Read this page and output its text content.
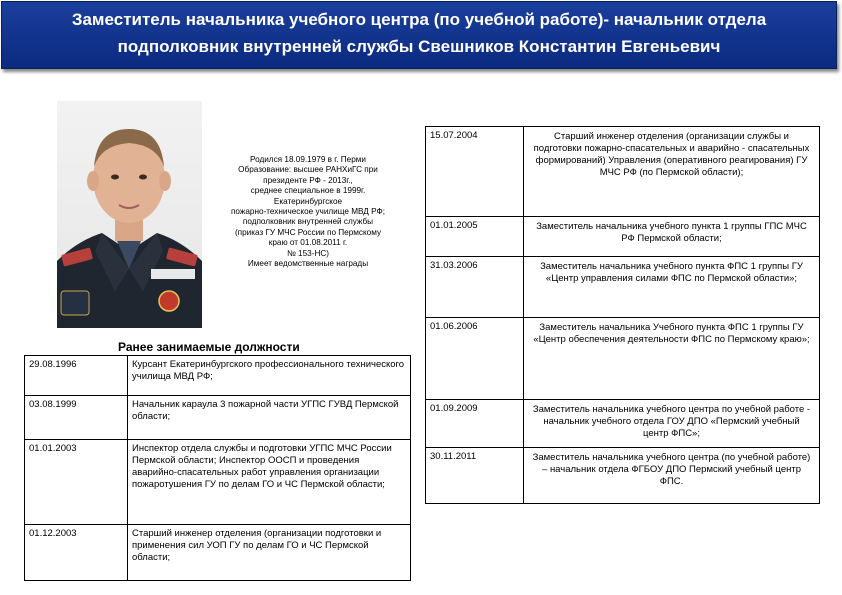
Заместитель начальника учебного центра (по учебной работе)- начальник отдела
подполковник внутренней службы Свешников Константин Евгеньевич
Родился 18.09.1979 в г. Перми
Образование: высшее РАНХиГС при
президенте РФ - 2013г.,
среднее специальное в 1999г.
Екатеринбургское
пожарно-техническое училище МВД РФ;
подполковник внутренней службы
(приказ ГУ МЧС России по Пермскому
краю от 01.08.2011 г.
№ 153-НС)
Имеет ведомственные награды
Ранее занимаемые должности
29.08.1996	Курсант Екатеринбургского профессионального технического училища МВД РФ;
03.08.1999	Начальник караула 3 пожарной части УГПС ГУВД Пермской области;
01.01.2003	Инспектор отдела службы и подготовки УГПС МЧС России Пермской области; Инспектор ООСП и проведения аварийно-спасательных работ управления организации пожаротушения ГУ по делам ГО и ЧС Пермской области;
01.12.2003	Старший инженер отделения (организации подготовки и применения сил УОП ГУ по делам ГО и ЧС Пермской области;
15.07.2004	Старший инженер отделения (организации службы и подготовки пожарно-спасательных и аварийно - спасательных формирований) Управления (оперативного реагирования) ГУ МЧС РФ (по Пермской области);
01.01.2005	Заместитель начальника учебного пункта 1 группы ГПС МЧС РФ Пермской области;
31.03.2006	Заместитель начальника учебного пункта ФПС 1 группы ГУ «Центр управления силами ФПС по Пермской области»;
01.06.2006	Заместитель начальника Учебного пункта ФПС 1 группы ГУ «Центр обеспечения деятельности ФПС по Пермскому краю»;
01.09.2009	Заместитель начальника учебного центра по учебной работе - начальник учебного отдела ГОУ ДПО «Пермский учебный центр ФПС»;
30.11.2011	Заместитель начальника учебного центра (по учебной работе) – начальник отдела ФГБОУ ДПО Пермский учебный центр ФПС.
